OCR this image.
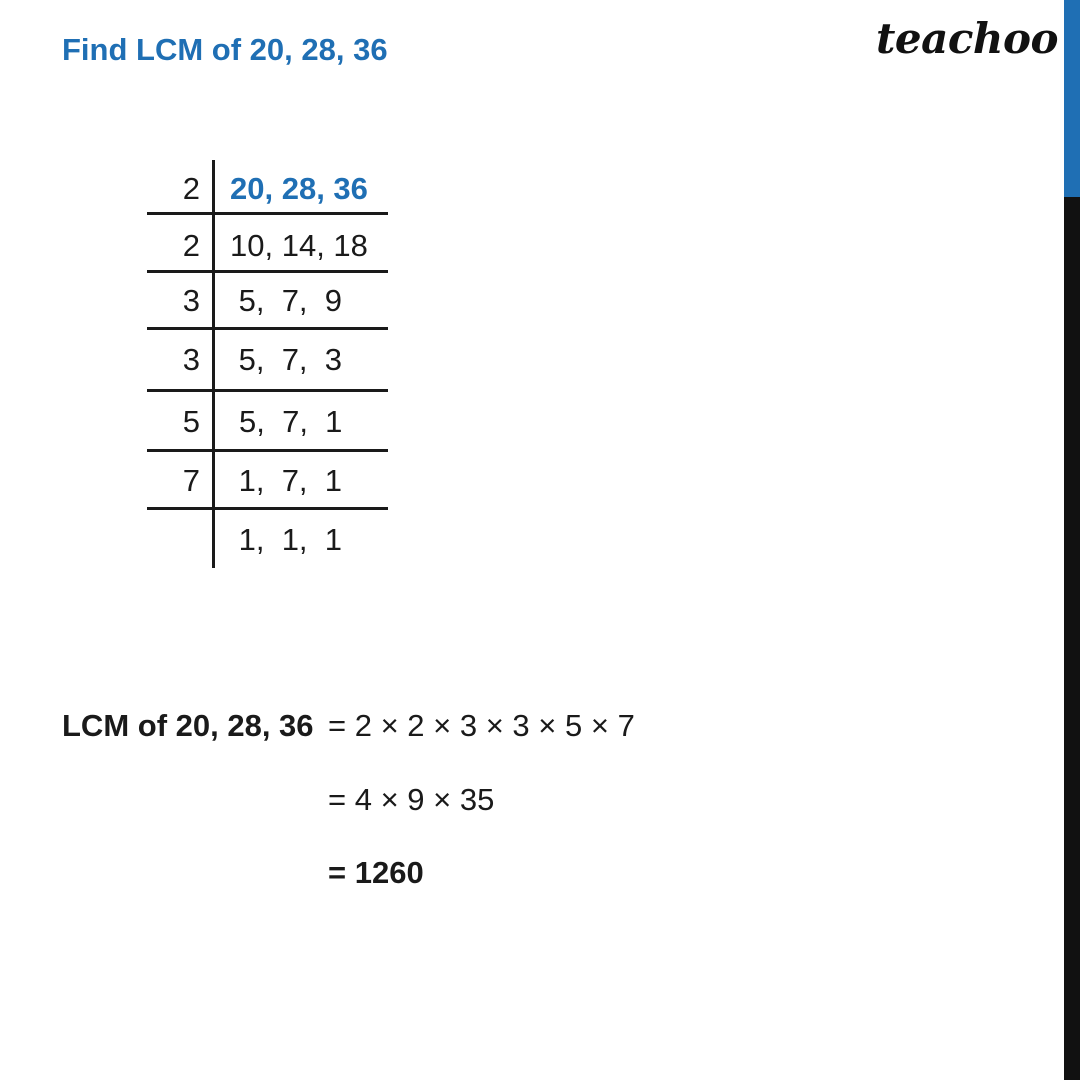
Find LCM of 20, 28, 36	teachoo
2 20, 28, 36
2 10, 14, 18
3 5,  7,  9
3 5,  7,  3
5 5,  7,  1
7 1,  7,  1
1,  1,  1
LCM of 20, 28, 36 = 2 × 2 × 3 × 3 × 5 × 7
= 4 × 9 × 35
= 1260
